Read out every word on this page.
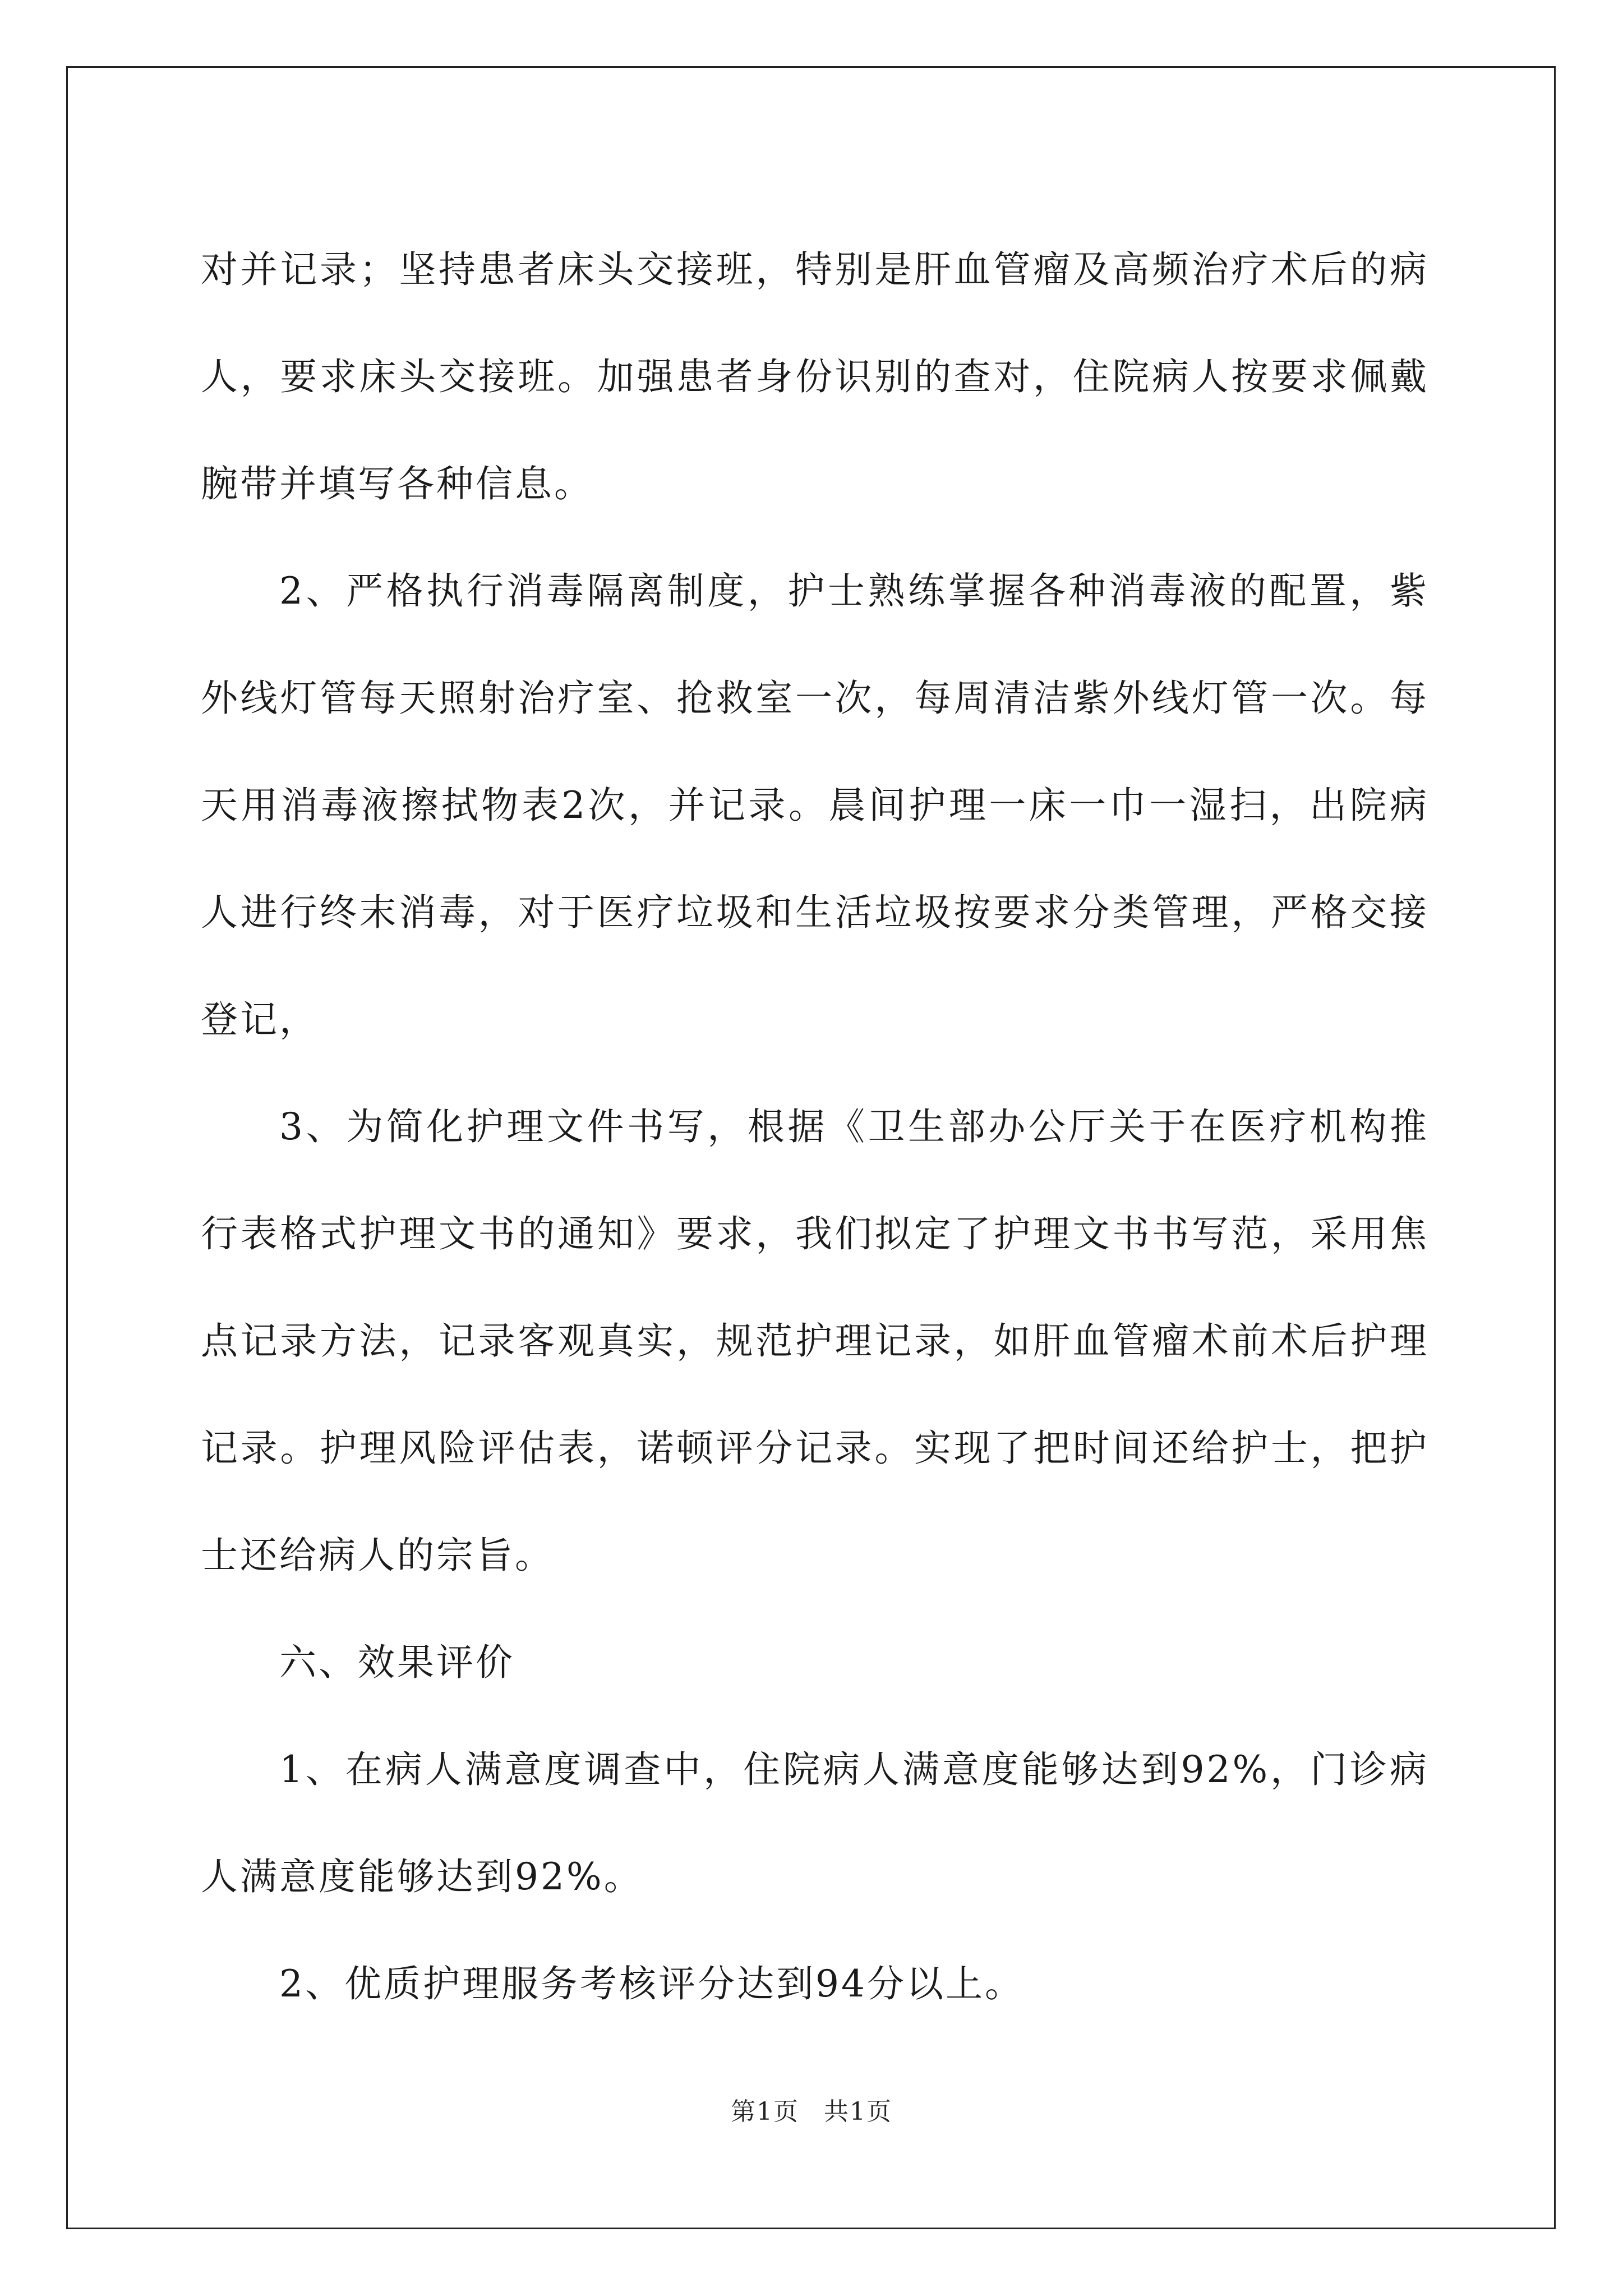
对并记录；坚持患者床头交接班，特别是肝血管瘤及高频治疗术后的病人，要求床头交接班。加强患者身份识别的查对，住院病人按要求佩戴腕带并填写各种信息。

2、严格执行消毒隔离制度，护士熟练掌握各种消毒液的配置，紫外线灯管每天照射治疗室、抢救室一次，每周清洁紫外线灯管一次。每天用消毒液擦拭物表2次，并记录。晨间护理一床一巾一湿扫，出院病人进行终末消毒，对于医疗垃圾和生活垃圾按要求分类管理，严格交接登记，

3、为简化护理文件书写，根据《卫生部办公厅关于在医疗机构推行表格式护理文书的通知》要求，我们拟定了护理文书书写范，采用焦点记录方法，记录客观真实，规范护理记录，如肝血管瘤术前术后护理记录。护理风险评估表，诺顿评分记录。实现了把时间还给护士，把护士还给病人的宗旨。

六、效果评价

1、在病人满意度调查中，住院病人满意度能够达到92%，门诊病人满意度能够达到92%。

2、优质护理服务考核评分达到94分以上。

第1页 共1页
